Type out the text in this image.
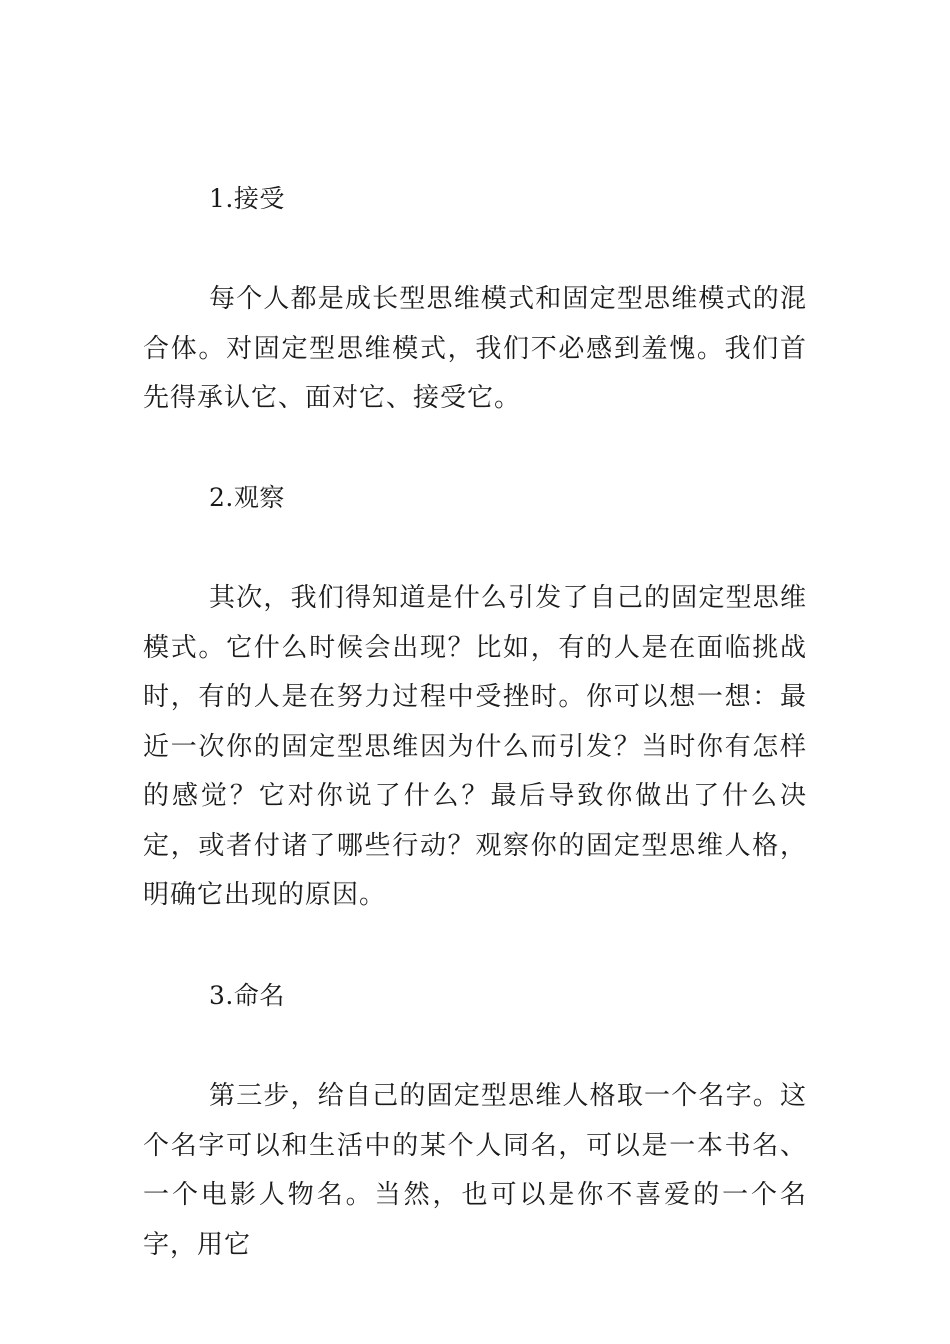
1.接受

每个人都是成长型思维模式和固定型思维模式的混合体。对固定型思维模式，我们不必感到羞愧。我们首先得承认它、面对它、接受它。

2.观察

其次，我们得知道是什么引发了自己的固定型思维模式。它什么时候会出现？比如，有的人是在面临挑战时，有的人是在努力过程中受挫时。你可以想一想：最近一次你的固定型思维因为什么而引发？当时你有怎样的感觉？它对你说了什么？最后导致你做出了什么决定，或者付诸了哪些行动？观察你的固定型思维人格，明确它出现的原因。

3.命名

第三步，给自己的固定型思维人格取一个名字。这个名字可以和生活中的某个人同名，可以是一本书名、一个电影人物名。当然，也可以是你不喜爱的一个名字，用它
